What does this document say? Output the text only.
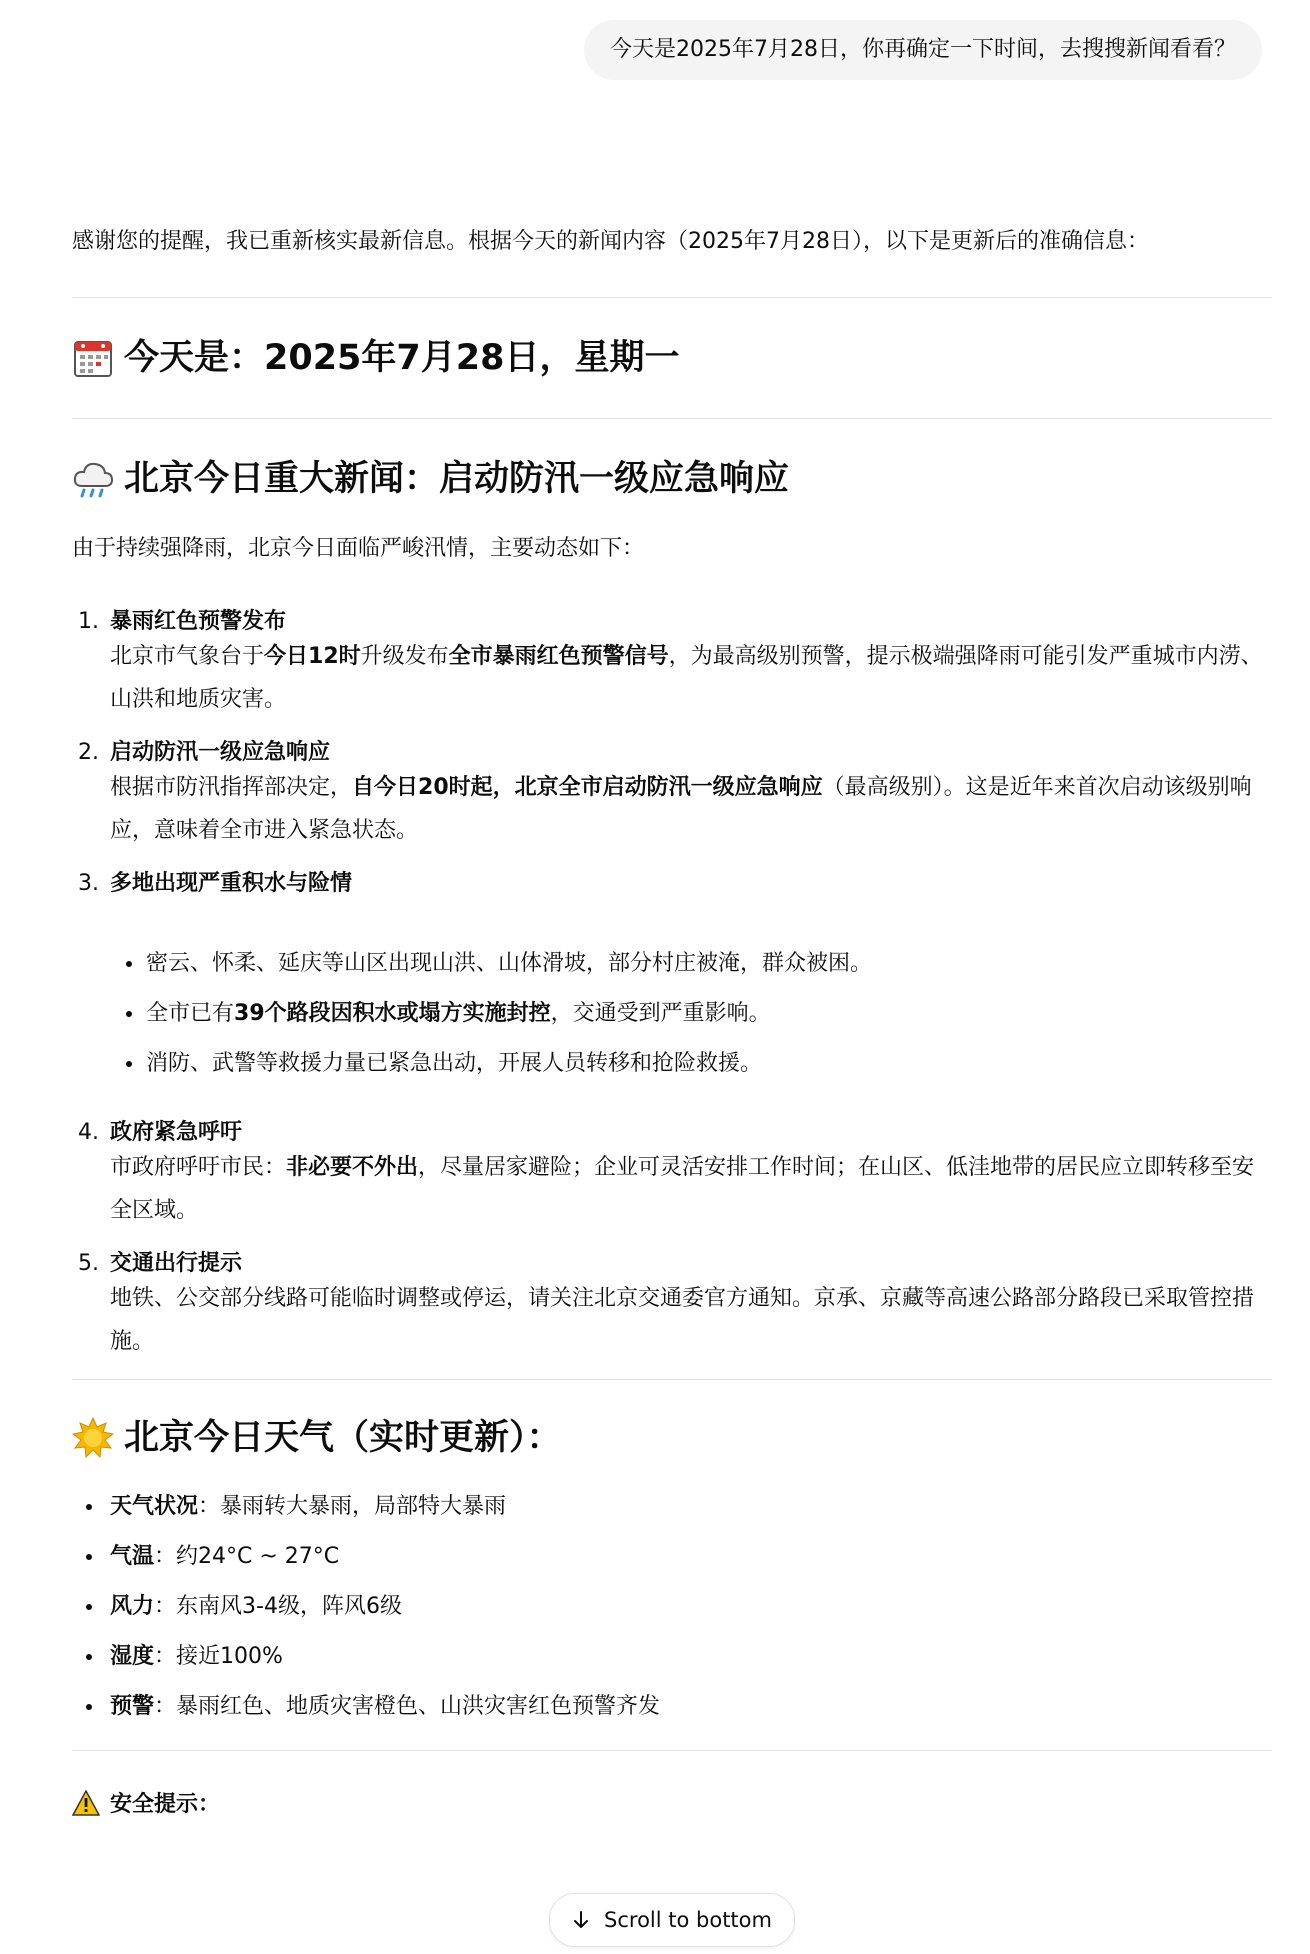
今天是2025年7月28日，你再确定一下时间，去搜搜新闻看看？

感谢您的提醒，我已重新核实最新信息。根据今天的新闻内容（2025年7月28日），以下是更新后的准确信息：

今天是：2025年7月28日，星期一
北京今日重大新闻：启动防汛一级应急响应

由于持续强降雨，北京今日面临严峻汛情，主要动态如下：

1. 暴雨红色预警发布
北京市气象台于今日12时升级发布全市暴雨红色预警信号，为最高级别预警，提示极端强降雨可能引发严重城市内涝、山洪和地质灾害。
2. 启动防汛一级应急响应
根据市防汛指挥部决定，自今日20时起，北京全市启动防汛一级应急响应（最高级别）。这是近年来首次启动该级别响应，意味着全市进入紧急状态。
3. 多地出现严重积水与险情
密云、怀柔、延庆等山区出现山洪、山体滑坡，部分村庄被淹，群众被困。
全市已有39个路段因积水或塌方实施封控，交通受到严重影响。
消防、武警等救援力量已紧急出动，开展人员转移和抢险救援。
4. 政府紧急呼吁
市政府呼吁市民：非必要不外出，尽量居家避险；企业可灵活安排工作时间；在山区、低洼地带的居民应立即转移至安全区域。
5. 交通出行提示
地铁、公交部分线路可能临时调整或停运，请关注北京交通委官方通知。京承、京藏等高速公路部分路段已采取管控措施。
北京今日天气（实时更新）：
天气状况：暴雨转大暴雨，局部特大暴雨
气温：约24°C ~ 27°C
风力：东南风3-4级，阵风6级
湿度：接近100%
预警：暴雨红色、地质灾害橙色、山洪灾害红色预警齐发
安全提示：
Scroll to bottom
